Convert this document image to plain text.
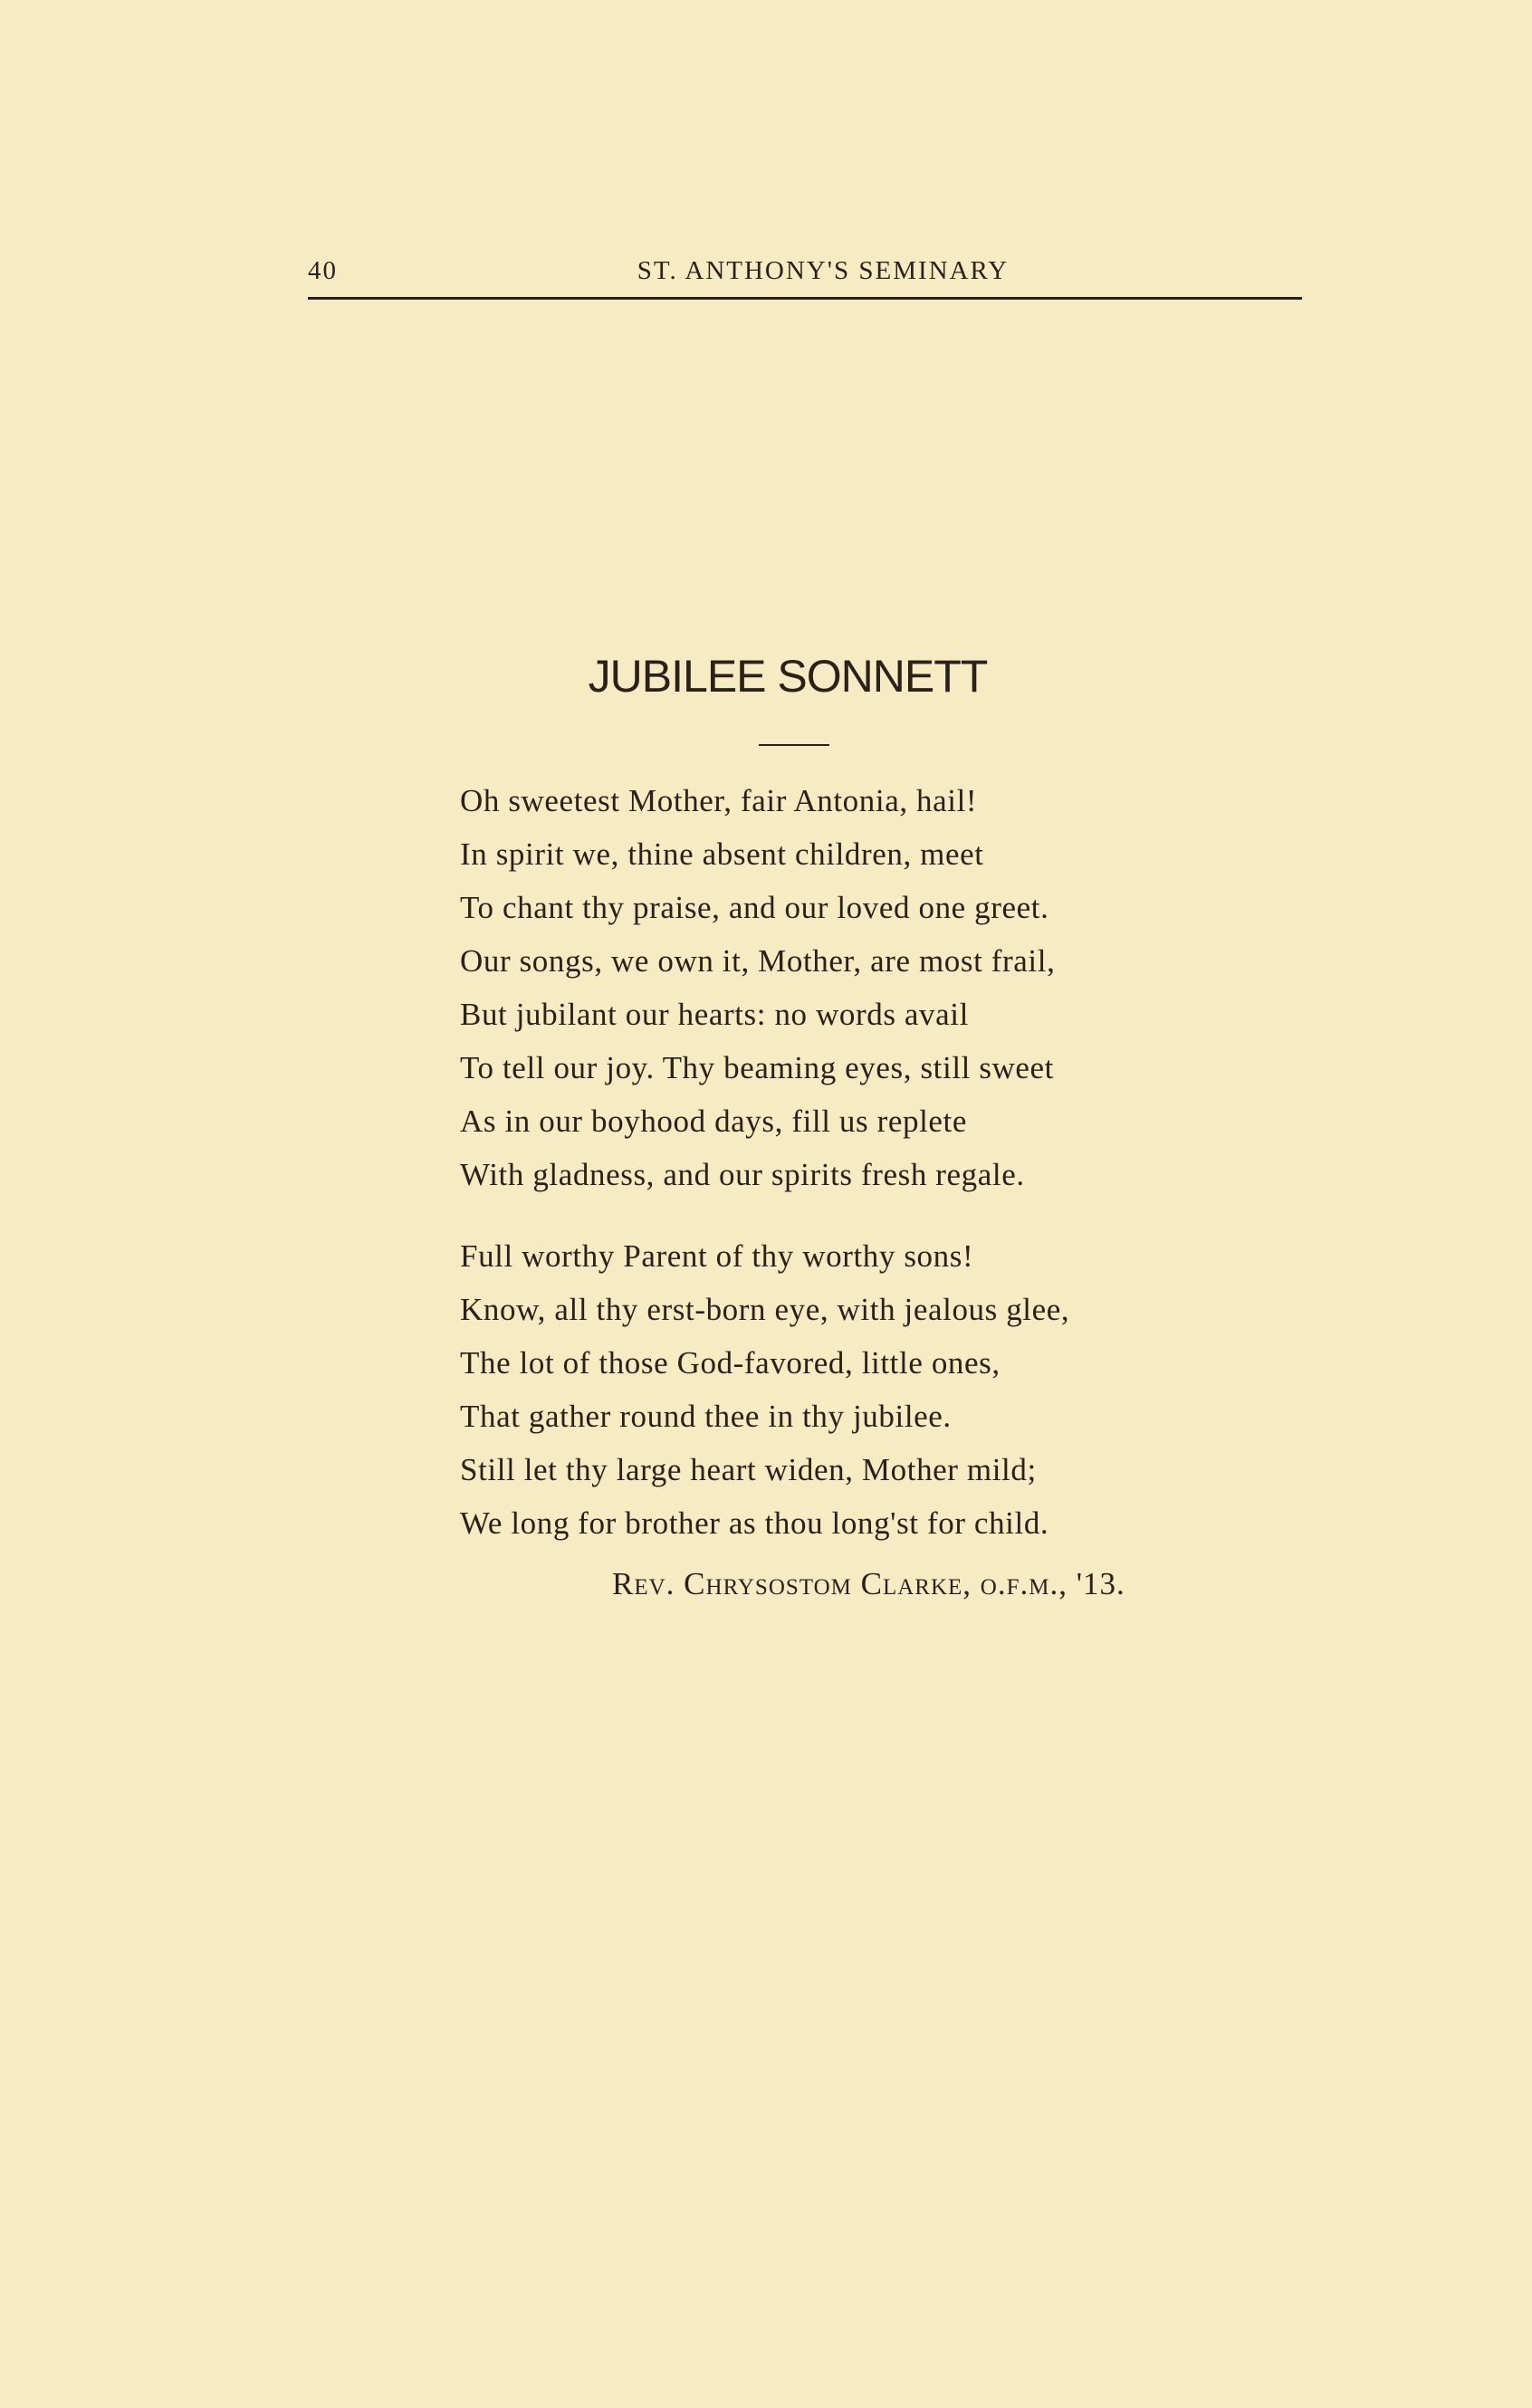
40	ST. ANTHONY'S SEMINARY
JUBILEE SONNETT
Oh sweetest Mother, fair Antonia, hail!
In spirit we, thine absent children, meet
To chant thy praise, and our loved one greet.
Our songs, we own it, Mother, are most frail,
But jubilant our hearts: no words avail
To tell our joy. Thy beaming eyes, still sweet
As in our boyhood days, fill us replete
With gladness, and our spirits fresh regale.
Full worthy Parent of thy worthy sons!
Know, all thy erst-born eye, with jealous glee,
The lot of those God-favored, little ones,
That gather round thee in thy jubilee.
Still let thy large heart widen, Mother mild;
We long for brother as thou long'st for child.
Rev. Chrysostom Clarke, o.f.m., '13.
